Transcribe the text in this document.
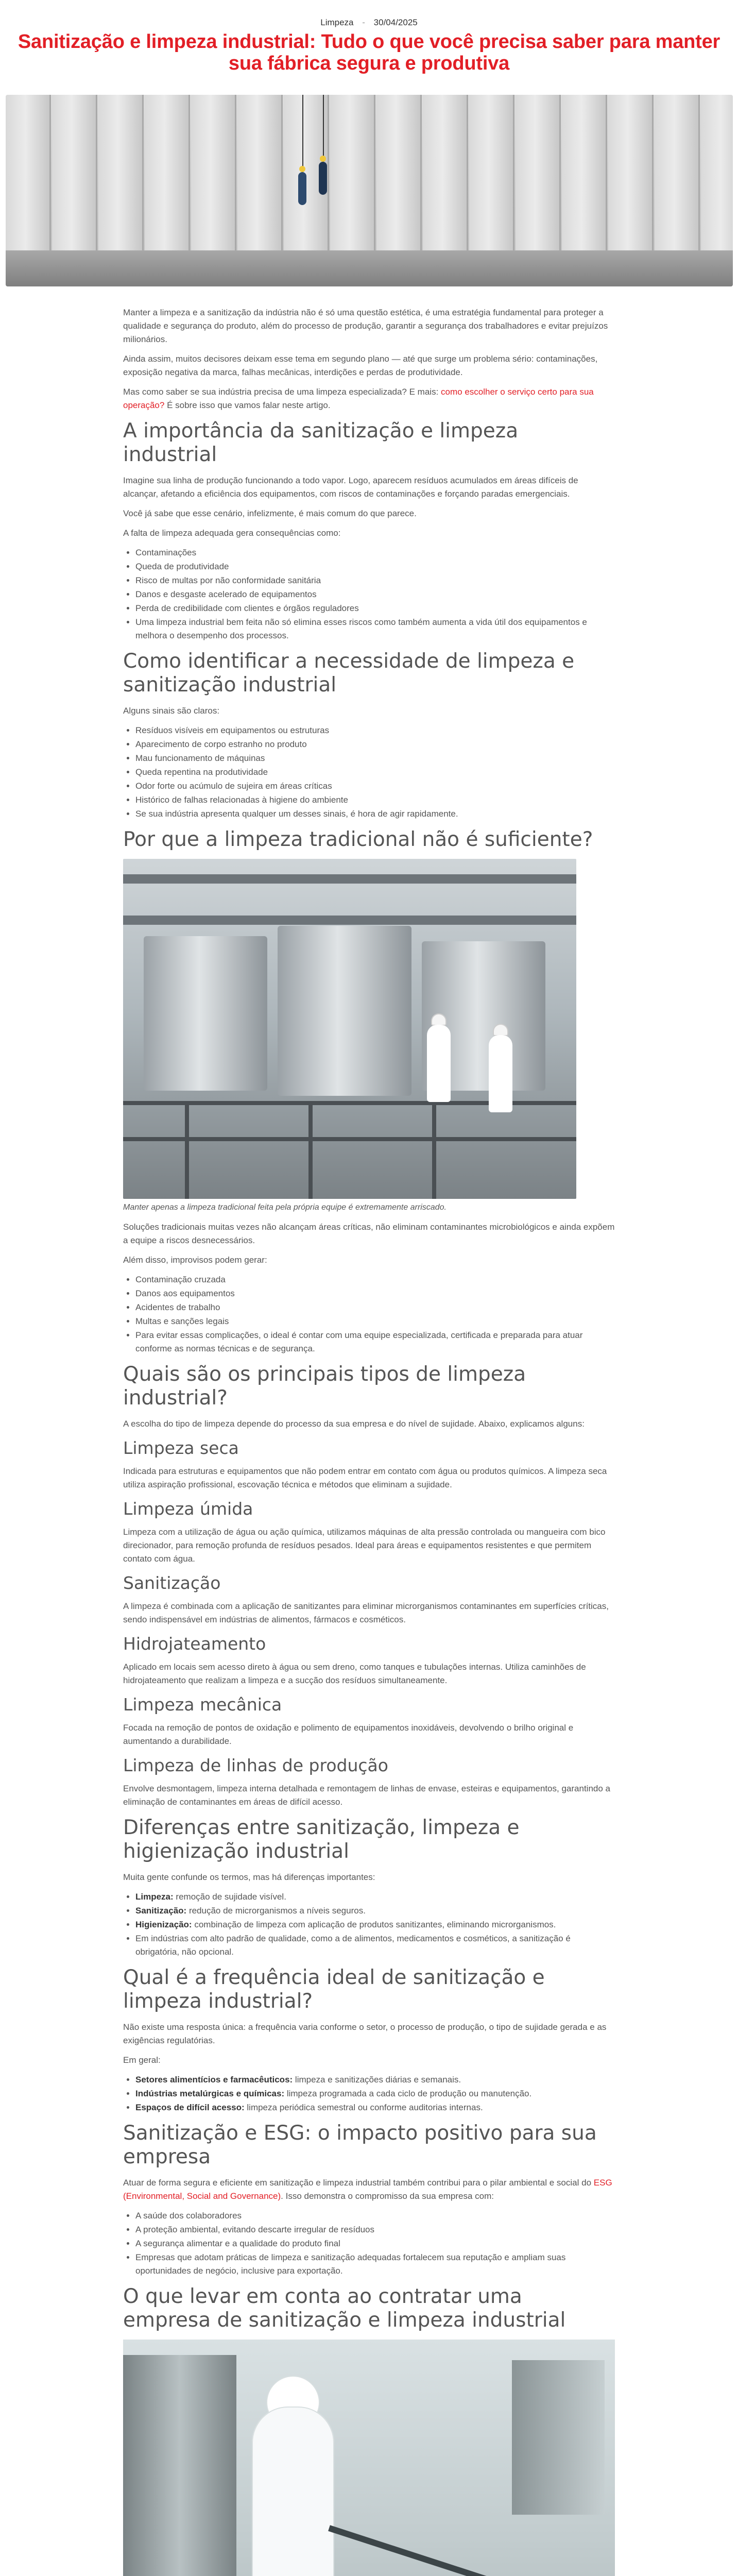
Limpeza - 30/04/2025
Sanitização e limpeza industrial: Tudo o que você precisa saber para manter sua fábrica segura e produtiva

Manter a limpeza e a sanitização da indústria não é só uma questão estética, é uma estratégia fundamental para proteger a qualidade e segurança do produto, além do processo de produção, garantir a segurança dos trabalhadores e evitar prejuízos milionários.

Ainda assim, muitos decisores deixam esse tema em segundo plano — até que surge um problema sério: contaminações, exposição negativa da marca, falhas mecânicas, interdições e perdas de produtividade.

Mas como saber se sua indústria precisa de uma limpeza especializada? E mais: como escolher o serviço certo para sua operação? É sobre isso que vamos falar neste artigo.

A importância da sanitização e limpeza industrial

Imagine sua linha de produção funcionando a todo vapor. Logo, aparecem resíduos acumulados em áreas difíceis de alcançar, afetando a eficiência dos equipamentos, com riscos de contaminações e forçando paradas emergenciais.

Você já sabe que esse cenário, infelizmente, é mais comum do que parece.

A falta de limpeza adequada gera consequências como:

• Contaminações
• Queda de produtividade
• Risco de multas por não conformidade sanitária
• Danos e desgaste acelerado de equipamentos
• Perda de credibilidade com clientes e órgãos reguladores
• Uma limpeza industrial bem feita não só elimina esses riscos como também aumenta a vida útil dos equipamentos e melhora o desempenho dos processos.
Como identificar a necessidade de limpeza e sanitização industrial

Alguns sinais são claros:

• Resíduos visíveis em equipamentos ou estruturas
• Aparecimento de corpo estranho no produto
• Mau funcionamento de máquinas
• Queda repentina na produtividade
• Odor forte ou acúmulo de sujeira em áreas críticas
• Histórico de falhas relacionadas à higiene do ambiente
• Se sua indústria apresenta qualquer um desses sinais, é hora de agir rapidamente.
Por que a limpeza tradicional não é suficiente?

Manter apenas a limpeza tradicional feita pela própria equipe é extremamente arriscado.

Soluções tradicionais muitas vezes não alcançam áreas críticas, não eliminam contaminantes microbiológicos e ainda expõem a equipe a riscos desnecessários.

Além disso, improvisos podem gerar:

• Contaminação cruzada
• Danos aos equipamentos
• Acidentes de trabalho
• Multas e sanções legais
• Para evitar essas complicações, o ideal é contar com uma equipe especializada, certificada e preparada para atuar conforme as normas técnicas e de segurança.
Quais são os principais tipos de limpeza industrial?

A escolha do tipo de limpeza depende do processo da sua empresa e do nível de sujidade. Abaixo, explicamos alguns:

Limpeza seca

Indicada para estruturas e equipamentos que não podem entrar em contato com água ou produtos químicos. A limpeza seca utiliza aspiração profissional, escovação técnica e métodos que eliminam a sujidade.

Limpeza úmida

Limpeza com a utilização de água ou ação química, utilizamos máquinas de alta pressão controlada ou mangueira com bico direcionador, para remoção profunda de resíduos pesados. Ideal para áreas e equipamentos resistentes e que permitem contato com água.

Sanitização

A limpeza é combinada com a aplicação de sanitizantes para eliminar microrganismos contaminantes em superfícies críticas, sendo indispensável em indústrias de alimentos, fármacos e cosméticos.

Hidrojateamento

Aplicado em locais sem acesso direto à água ou sem dreno, como tanques e tubulações internas. Utiliza caminhões de hidrojateamento que realizam a limpeza e a sucção dos resíduos simultaneamente.

Limpeza mecânica

Focada na remoção de pontos de oxidação e polimento de equipamentos inoxidáveis, devolvendo o brilho original e aumentando a durabilidade.

Limpeza de linhas de produção

Envolve desmontagem, limpeza interna detalhada e remontagem de linhas de envase, esteiras e equipamentos, garantindo a eliminação de contaminantes em áreas de difícil acesso.

Diferenças entre sanitização, limpeza e higienização industrial

Muita gente confunde os termos, mas há diferenças importantes:

• Limpeza: remoção de sujidade visível.
• Sanitização: redução de microrganismos a níveis seguros.
• Higienização: combinação de limpeza com aplicação de produtos sanitizantes, eliminando microrganismos.
• Em indústrias com alto padrão de qualidade, como a de alimentos, medicamentos e cosméticos, a sanitização é obrigatória, não opcional.
Qual é a frequência ideal de sanitização e limpeza industrial?

Não existe uma resposta única: a frequência varia conforme o setor, o processo de produção, o tipo de sujidade gerada e as exigências regulatórias.

Em geral:

• Setores alimentícios e farmacêuticos: limpeza e sanitizações diárias e semanais.
• Indústrias metalúrgicas e químicas: limpeza programada a cada ciclo de produção ou manutenção.
• Espaços de difícil acesso: limpeza periódica semestral ou conforme auditorias internas.
Sanitização e ESG: o impacto positivo para sua empresa

Atuar de forma segura e eficiente em sanitização e limpeza industrial também contribui para o pilar ambiental e social do ESG (Environmental, Social and Governance). Isso demonstra o compromisso da sua empresa com:

• A saúde dos colaboradores
• A proteção ambiental, evitando descarte irregular de resíduos
• A segurança alimentar e a qualidade do produto final
• Empresas que adotam práticas de limpeza e sanitização adequadas fortalecem sua reputação e ampliam suas oportunidades de negócio, inclusive para exportação.
O que levar em conta ao contratar uma empresa de sanitização e limpeza industrial
